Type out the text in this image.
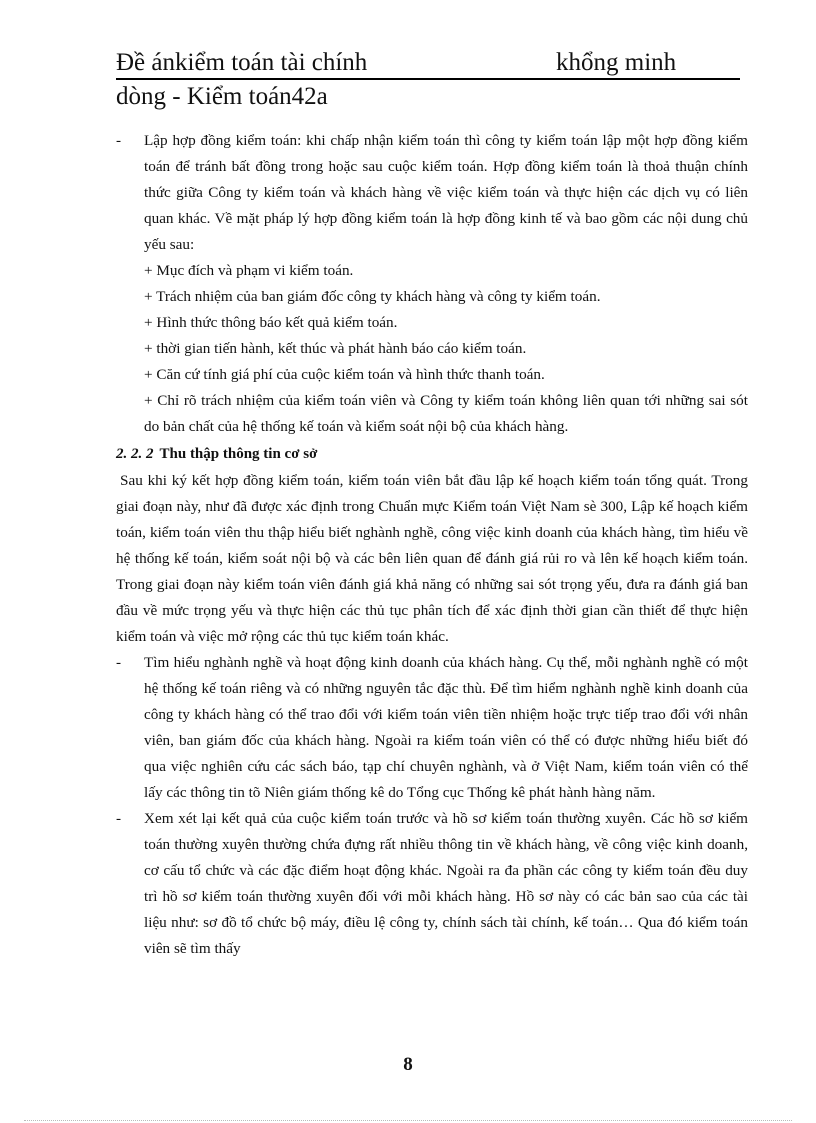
Đề ánkiểm toán tài chính	khổng minh
dòng - Kiểm toán42a
- Lập hợp đồng kiểm toán: khi chấp nhận kiểm toán thì công ty kiểm toán lập một hợp đồng kiểm toán để tránh bất đồng trong hoặc sau cuộc kiểm toán. Hợp đồng kiểm toán là thoả thuận chính thức giữa Công ty kiểm toán và khách hàng về việc kiểm toán và thực hiện các dịch vụ có liên quan khác. Về mặt pháp lý hợp đồng kiểm toán là hợp đồng kinh tế và bao gồm các nội dung chủ yếu sau:
+ Mục đích và phạm vi kiểm toán.
+ Trách nhiệm của ban giám đốc công ty khách hàng và công ty kiểm toán.
+ Hình thức thông báo kết quả kiểm toán.
+ thời gian tiến hành, kết thúc và phát hành báo cáo kiểm toán.
+ Căn cứ tính giá phí của cuộc kiểm toán và hình thức thanh toán.
+ Chỉ rõ trách nhiệm của kiểm toán viên và Công ty kiểm toán không liên quan tới những sai sót do bản chất của hệ thống kế toán và kiểm soát nội bộ của khách hàng.
2. 2. 2 Thu thập thông tin cơ sở
Sau khi ký kết hợp đồng kiểm toán, kiểm toán viên bắt đầu lập kế hoạch kiểm toán tổng quát. Trong giai đoạn này, như đã được xác định trong Chuẩn mực Kiểm toán Việt Nam sè 300, Lập kế hoạch kiểm toán, kiểm toán viên thu thập hiểu biết nghành nghề, công việc kinh doanh của khách hàng, tìm hiểu về hệ thống kế toán, kiểm soát nội bộ và các bên liên quan để đánh giá rủi ro và lên kế hoạch kiểm toán. Trong giai đoạn này kiểm toán viên đánh giá khả năng có những sai sót trọng yếu, đưa ra đánh giá ban đầu về mức trọng yếu và thực hiện các thủ tục phân tích để xác định thời gian cần thiết để thực hiện kiểm toán và việc mở rộng các thủ tục kiểm toán khác.
- Tìm hiểu nghành nghề và hoạt động kinh doanh của khách hàng. Cụ thể, mỗi nghành nghề có một hệ thống kế toán riêng và có những nguyên tắc đặc thù. Để tìm hiểm nghành nghề kinh doanh của công ty khách hàng có thể trao đổi với kiểm toán viên tiền nhiệm hoặc trực tiếp trao đổi với nhân viên, ban giám đốc của khách hàng. Ngoài ra kiểm toán viên có thể có được những hiểu biết đó qua việc nghiên cứu các sách báo, tạp chí chuyên nghành, và ở Việt Nam, kiểm toán viên có thể lấy các thông tin tõ Niên giám thống kê do Tổng cục Thống kê phát hành hàng năm.
- Xem xét lại kết quả của cuộc kiểm toán trước và hồ sơ kiểm toán thường xuyên. Các hồ sơ kiểm toán thường xuyên thường chứa đựng rất nhiều thông tin về khách hàng, về công việc kinh doanh, cơ cấu tổ chức và các đặc điểm hoạt động khác. Ngoài ra đa phần các công ty kiểm toán đều duy trì hồ sơ kiểm toán thường xuyên đối với mỗi khách hàng. Hồ sơ này có các bản sao của các tài liệu như: sơ đồ tổ chức bộ máy, điều lệ công ty, chính sách tài chính, kế toán… Qua đó kiểm toán viên sẽ tìm thấy
8
